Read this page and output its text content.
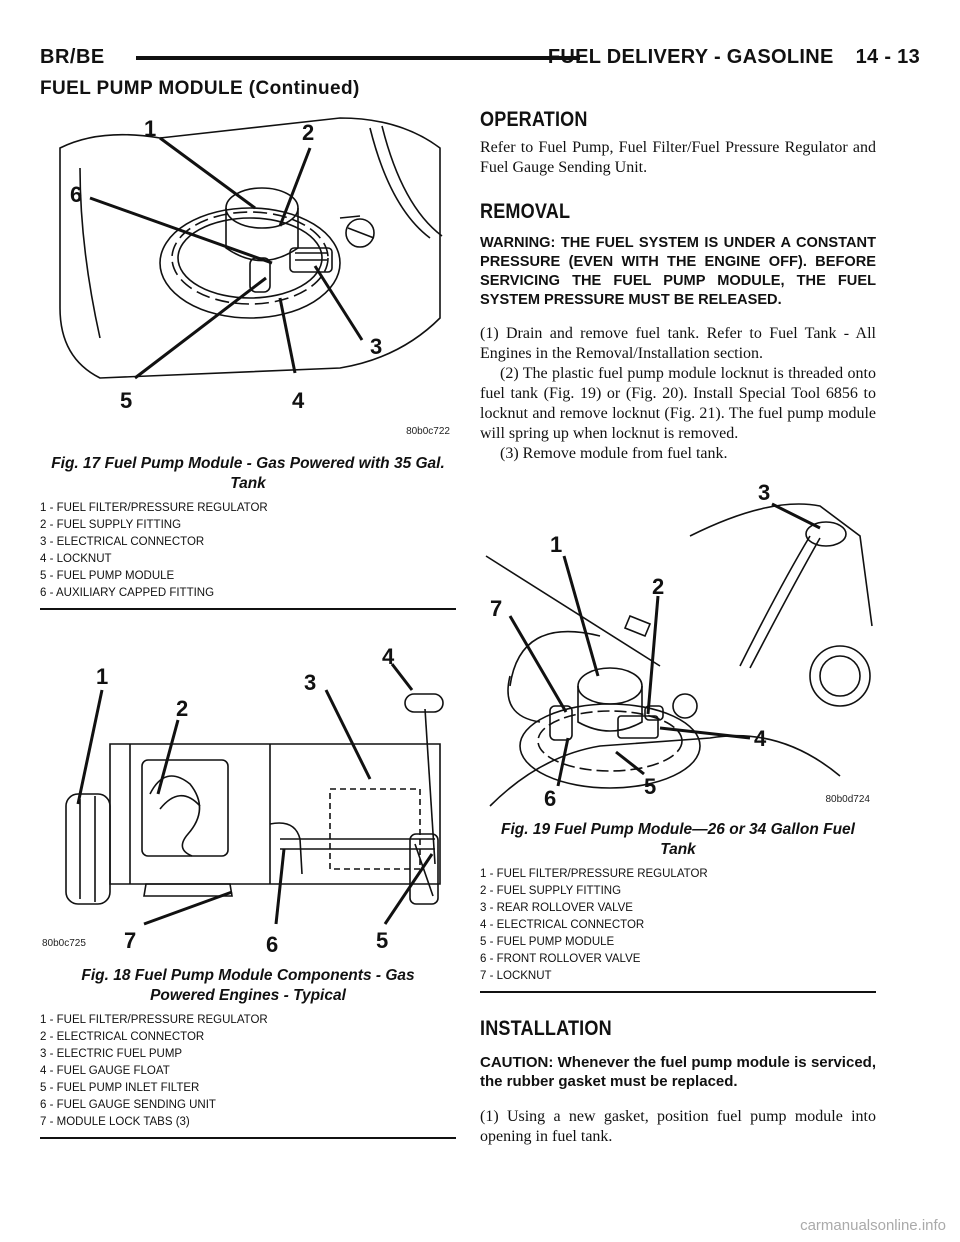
BR/BE	FUEL DELIVERY - GASOLINE 14 - 13
FUEL PUMP MODULE (Continued)
1	2
3
4
5
6
80b0c722
Fig. 17 Fuel Pump Module - Gas Powered with 35 Gal. Tank
1 - FUEL FILTER/PRESSURE REGULATOR
2 - FUEL SUPPLY FITTING
3 - ELECTRICAL CONNECTOR
4 - LOCKNUT
5 - FUEL PUMP MODULE
6 - AUXILIARY CAPPED FITTING
1
2
3
4
5
6
7
80b0c725
Fig. 18 Fuel Pump Module Components - Gas Powered Engines - Typical
1 - FUEL FILTER/PRESSURE REGULATOR
2 - ELECTRICAL CONNECTOR
3 - ELECTRIC FUEL PUMP
4 - FUEL GAUGE FLOAT
5 - FUEL PUMP INLET FILTER
6 - FUEL GAUGE SENDING UNIT
7 - MODULE LOCK TABS (3)
OPERATION

Refer to Fuel Pump, Fuel Filter/Fuel Pressure Regulator and Fuel Gauge Sending Unit.

REMOVAL

WARNING: THE FUEL SYSTEM IS UNDER A CONSTANT PRESSURE (EVEN WITH THE ENGINE OFF). BEFORE SERVICING THE FUEL PUMP MODULE, THE FUEL SYSTEM PRESSURE MUST BE RELEASED.

(1) Drain and remove fuel tank. Refer to Fuel Tank - All Engines in the Removal/Installation section.

(2) The plastic fuel pump module locknut is threaded onto fuel tank (Fig. 19) or (Fig. 20). Install Special Tool 6856 to locknut and remove locknut (Fig. 21). The fuel pump module will spring up when locknut is removed.

(3) Remove module from fuel tank.

1
2
3
4
5
6
7
80b0d724
Fig. 19 Fuel Pump Module—26 or 34 Gallon Fuel Tank
1 - FUEL FILTER/PRESSURE REGULATOR
2 - FUEL SUPPLY FITTING
3 - REAR ROLLOVER VALVE
4 - ELECTRICAL CONNECTOR
5 - FUEL PUMP MODULE
6 - FRONT ROLLOVER VALVE
7 - LOCKNUT
INSTALLATION

CAUTION: Whenever the fuel pump module is serviced, the rubber gasket must be replaced.

(1) Using a new gasket, position fuel pump module into opening in fuel tank.

carmanualsonline.info
